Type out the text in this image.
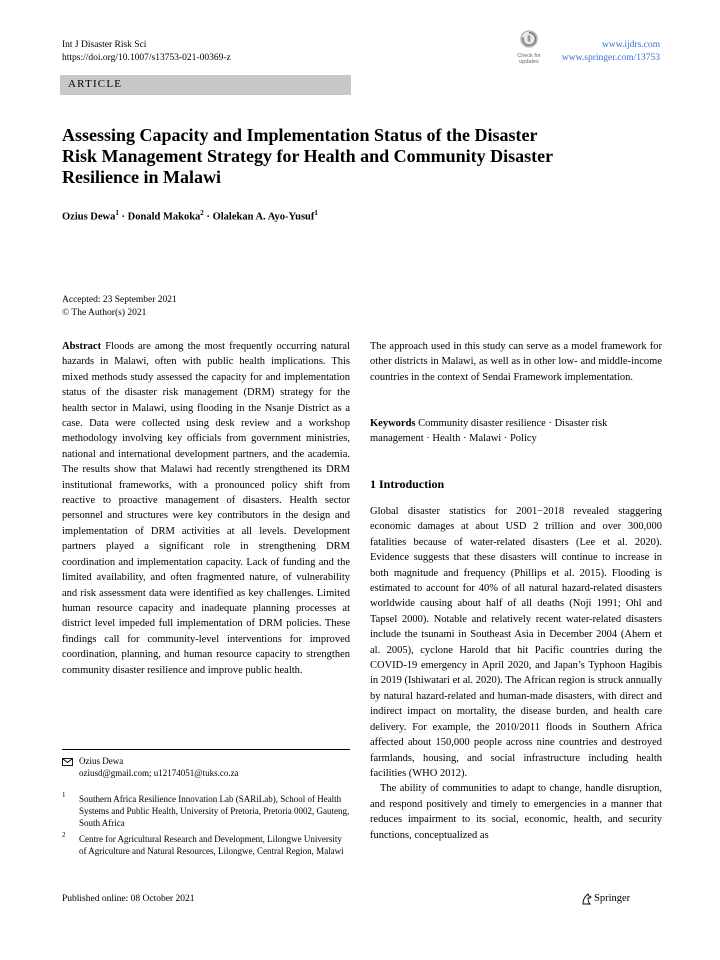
Int J Disaster Risk Sci
https://doi.org/10.1007/s13753-021-00369-z	Check for
updates
www.ijdrs.com
www.springer.com/13753
ARTICLE
Assessing Capacity and Implementation Status of the Disaster
Risk Management Strategy for Health and Community Disaster
Resilience in Malawi
Ozius Dewa$^1$ · Donald Makoka$^2$ · Olalekan A. Ayo-Yusuf$^1$
Accepted: 23 September 2021
© The Author(s) 2021

Abstract Floods are among the most frequently occurring natural hazards in Malawi, often with public health implications. This mixed methods study assessed the capacity for and implementation status of the disaster risk management (DRM) strategy for the health sector in Malawi, using flooding in the Nsanje District as a case. Data were collected using desk review and a workshop methodology involving key officials from government ministries, national and international development partners, and the academia. The results show that Malawi had recently strengthened its DRM institutional frameworks, with a pronounced policy shift from reactive to proactive management of disasters. Health sector personnel and structures were key contributors in the design and implementation of DRM activities at all levels. Development partners played a significant role in strengthening DRM coordination and implementation capacity. Lack of funding and the limited availability, and often fragmented nature, of vulnerability and risk assessment data were identified as key challenges. Limited human resource capacity and inadequate planning processes at district level impeded full implementation of DRM policies. These findings call for community-level interventions for improved coordination, planning, and human resource capacity to strengthen community disaster resilience and improve public health.

Ozius Dewa
oziusd@gmail.com; u12174051@tuks.co.za
1 Southern Africa Resilience Innovation Lab (SARiLab), School of Health Systems and Public Health, University of Pretoria, Pretoria 0002, Gauteng, South Africa
2 Centre for Agricultural Research and Development, Lilongwe University of Agriculture and Natural Resources, Lilongwe, Central Region, Malawi

The approach used in this study can serve as a model framework for other districts in Malawi, as well as in other low- and middle-income countries in the context of Sendai Framework implementation.

Keywords Community disaster resilience · Disaster risk management · Health · Malawi · Policy

1 Introduction

Global disaster statistics for 2001−2018 revealed staggering economic damages at about USD 2 trillion and over 300,000 fatalities because of water-related disasters (Lee et al. 2020). Evidence suggests that these disasters will continue to increase in both magnitude and frequency (Phillips et al. 2015). Flooding is estimated to account for 40% of all natural hazard-related disasters worldwide causing about half of all deaths (Noji 1991; Ohl and Tapsel 2000). Notable and relatively recent water-related disasters include the tsunami in Southeast Asia in December 2004 (Ahern et al. 2005), cyclone Harold that hit Pacific countries during the COVID-19 emergency in April 2020, and Japan’s Typhoon Hagibis in 2019 (Ishiwatari et al. 2020). The African region is struck annually by natural hazard-related and human-made disasters, with direct and indirect impact on mortality, the disease burden, and health care delivery. For example, the 2010/2011 floods in Southern Africa affected about 150,000 people across nine countries and destroyed farmlands, housing, and social infrastructure including health facilities (WHO 2012).

The ability of communities to adapt to change, handle disruption, and respond positively and timely to emergencies in a manner that reduces impairment to its social, economic, health, and security functions, conceptualized as

Published online: 08 October 2021	Springer
